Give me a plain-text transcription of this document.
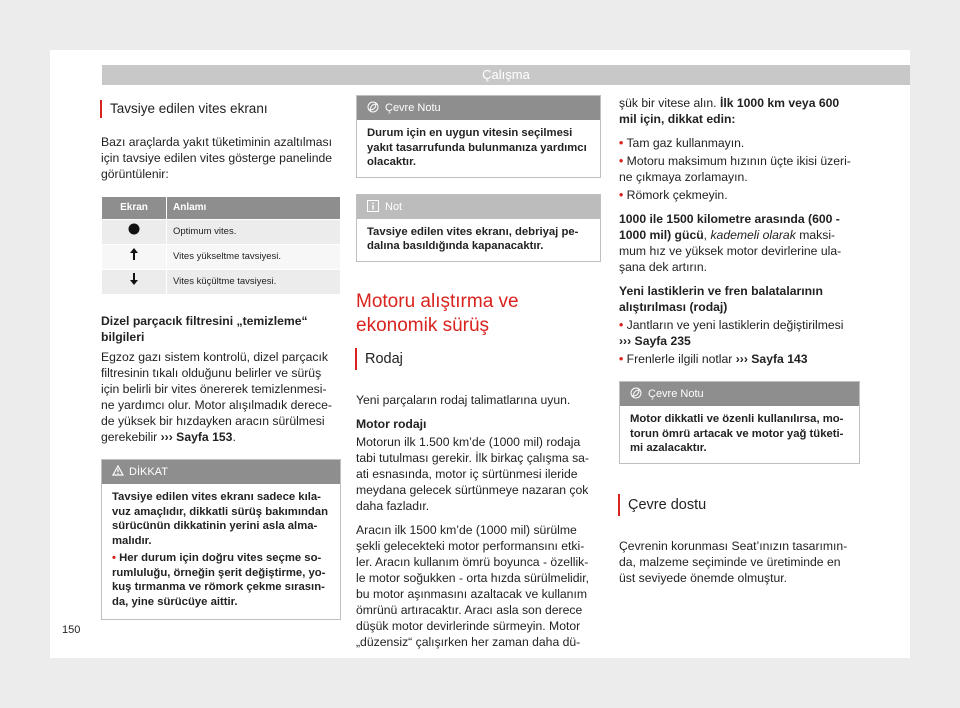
Çalışma
Tavsiye edilen vites ekranı

Bazı araçlarda yakıt tüketiminin azaltılması için tavsiye edilen vites gösterge panelinde görüntülenir:

Ekran	Anlamı
	Optimum vites.
	Vites yükseltme tavsiyesi.
	Vites küçültme tavsiyesi.

Dizel parçacık filtresini „temizleme“ bilgileri

Egzoz gazı sistem kontrolü, dizel parçacık filtresinin tıkalı olduğunu belirler ve sürüş için belirli bir vites önererek temizlenmesi- ne yardımcı olur. Motor alışılmadık derece- de yüksek bir hızdayken aracın sürülmesi gerekebilir ››› Sayfa 153.

DİKKAT

Tavsiye edilen vites ekranı sadece kıla- vuz amaçlıdır, dikkatli sürüş bakımından sürücünün dikkatinin yerini asla alma- malıdır.

• Her durum için doğru vites seçme so- rumluluğu, örneğin şerit değiştirme, yo- kuş tırmanma ve römork çekme sırasın- da, yine sürücüye aittir.

Çevre Notu
Durum için en uygun vitesin seçilmesi yakıt tasarrufunda bulunmanıza yardımcı olacaktır.
Not
Tavsiye edilen vites ekranı, debriyaj pe- dalına basıldığında kapanacaktır.
Motoru alıştırma ve ekonomik sürüş
Rodaj

Yeni parçaların rodaj talimatlarına uyun.

Motor rodajı

Motorun ilk 1.500 km’de (1000 mil) rodaja tabi tutulması gerekir. İlk birkaç çalışma sa- ati esnasında, motor iç sürtünmesi ileride meydana gelecek sürtünmeye nazaran çok daha fazladır.

Aracın ilk 1500 km’de (1000 mil) sürülme şekli gelecekteki motor performansını etki- ler. Aracın kullanım ömrü boyunca - özellik- le motor soğukken - orta hızda sürülmelidir, bu motor aşınmasını azaltacak ve kullanım ömrünü artıracaktır. Aracı asla son derece düşük motor devirlerinde sürmeyin. Motor „düzensiz“ çalışırken her zaman daha dü-

şük bir vitese alın. İlk 1000 km veya 600 mil için, dikkat edin:

• Tam gaz kullanmayın.

• Motoru maksimum hızının üçte ikisi üzeri- ne çıkmaya zorlamayın.

• Römork çekmeyin.

1000 ile 1500 kilometre arasında (600 - 1000 mil) gücü, kademeli olarak maksi- mum hız ve yüksek motor devirlerine ula- şana dek artırın.

Yeni lastiklerin ve fren balatalarının alıştırılması (rodaj)

• Jantların ve yeni lastiklerin değiştirilmesi
››› Sayfa 235

• Frenlerle ilgili notlar ››› Sayfa 143

Çevre Notu
Motor dikkatli ve özenli kullanılırsa, mo- torun ömrü artacak ve motor yağ tüketi- mi azalacaktır.
Çevre dostu

Çevrenin korunması Seat’ınızın tasarımın- da, malzeme seçiminde ve üretiminde en üst seviyede önemde olmuştur.

150
